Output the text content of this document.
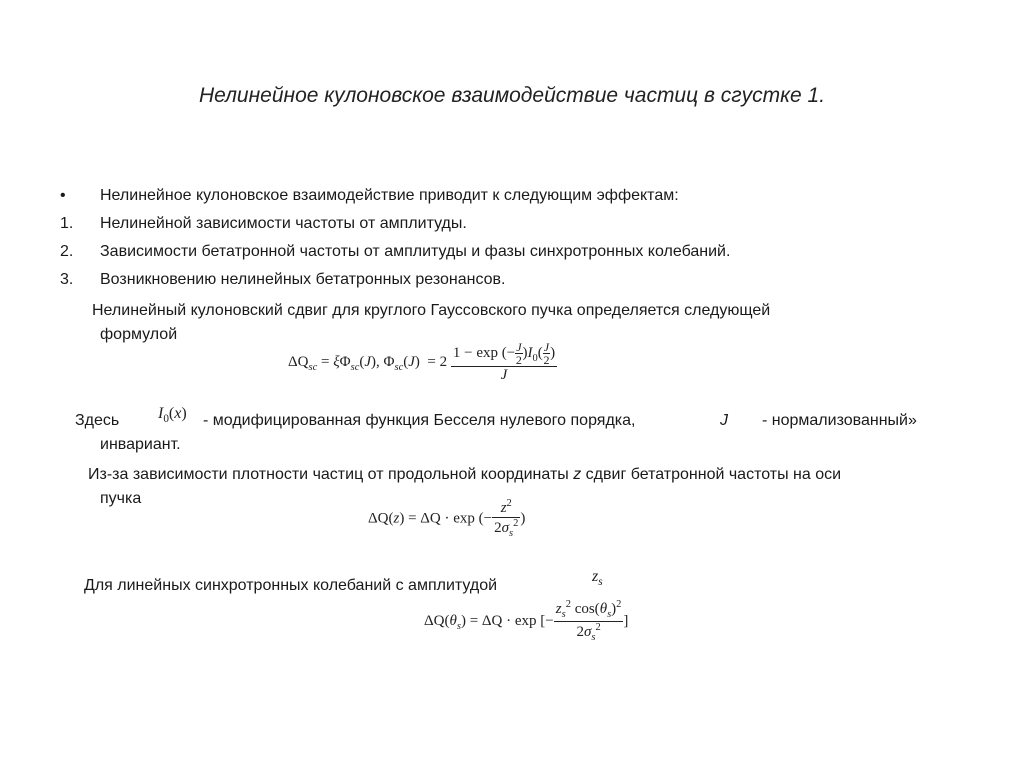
Нелинейное кулоновское взаимодействие частиц в сгустке 1.
• Нелинейное кулоновское взаимодействие приводит к следующим эффектам:
1. Нелинейной зависимости частоты от амплитуды.
2. Зависимости бетатронной частоты от амплитуды и фазы синхротронных колебаний.
3. Возникновению нелинейных бетатронных резонансов.
Нелинейный кулоновский сдвиг для круглого Гауссовского пучка определяется следующей
формулой
$\Delta Q_{sc} = \xi\Phi_{sc}(J)$, $\Phi_{sc}(J) = 2 \frac{1 - \exp (- \frac{J}{2} )I_0( \frac{J}{2} )}{J}$
Здесь $I_0(x)$ - модифицированная функция Бесселя нулевого порядка,	J - нормализованный»
инвариант.
Из-за зависимости плотности частиц от продольной координаты z сдвиг бетатронной частоты на оси
пучка
ΔQ(z) = ΔQ · exp (− $\frac{z^2}{2\sigma_s^2}$ )
Для линейных синхротронных колебаний с амплитудой
$z_s$
$\Delta Q(\theta_s) = \Delta Q \cdot \exp$ [− $\frac{z_s^2 \cos(\theta_s)^2}{2\sigma_s^2}$ ]
